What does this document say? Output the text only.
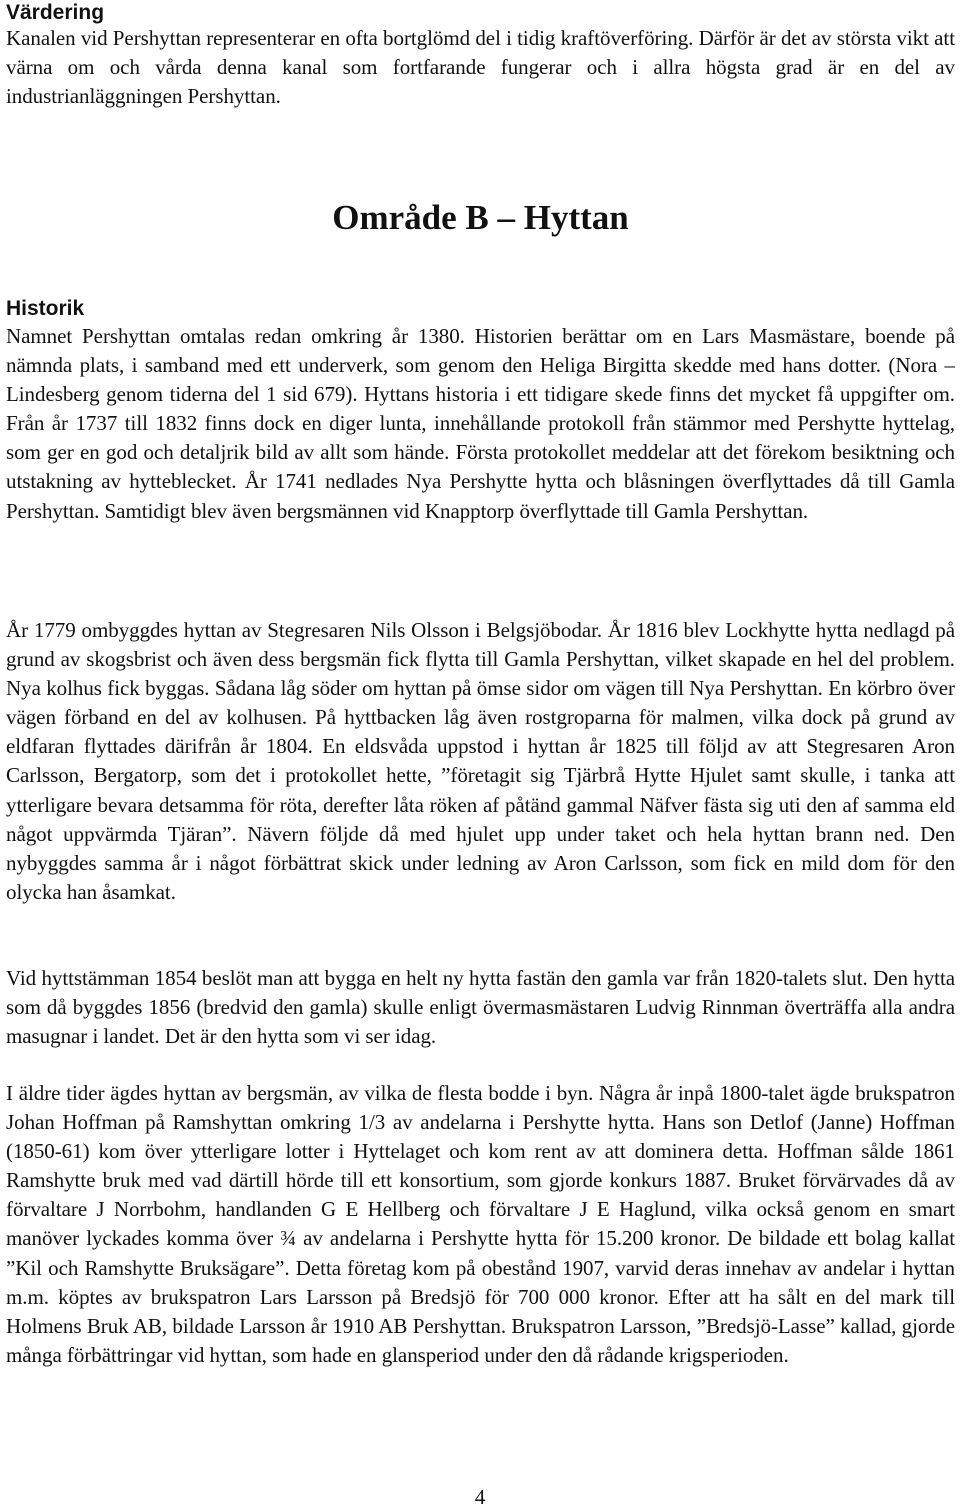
Värdering

Kanalen vid Pershyttan representerar en ofta bortglömd del i tidig kraftöverföring. Därför är det av största vikt att värna om och vårda denna kanal som fortfarande fungerar och i allra högsta grad är en del av industrianläggningen Pershyttan.

Område B – Hyttan
Historik

Namnet Pershyttan omtalas redan omkring år 1380. Historien berättar om en Lars Masmästare, boende på nämnda plats, i samband med ett underverk, som genom den Heliga Birgitta skedde med hans dotter. (Nora – Lindesberg genom tiderna del 1 sid 679). Hyttans historia i ett tidigare skede finns det mycket få uppgifter om. Från år 1737 till 1832 finns dock en diger lunta, innehållande protokoll från stämmor med Pershytte hyttelag, som ger en god och detaljrik bild av allt som hände. Första protokollet meddelar att det förekom besiktning och utstakning av hytteblecket. År 1741 nedlades Nya Pershytte hytta och blåsningen överflyttades då till Gamla Pershyttan. Samtidigt blev även bergsmännen vid Knapptorp överflyttade till Gamla Pershyttan.

År 1779 ombyggdes hyttan av Stegresaren Nils Olsson i Belgsjöbodar. År 1816 blev Lockhytte hytta nedlagd på grund av skogsbrist och även dess bergsmän fick flytta till Gamla Pershyttan, vilket skapade en hel del problem. Nya kolhus fick byggas. Sådana låg söder om hyttan på ömse sidor om vägen till Nya Pershyttan. En körbro över vägen förband en del av kolhusen. På hyttbacken låg även rostgroparna för malmen, vilka dock på grund av eldfaran flyttades därifrån år 1804. En eldsvåda uppstod i hyttan år 1825 till följd av att Stegresaren Aron Carlsson, Bergatorp, som det i protokollet hette, ”företagit sig Tjärbrå Hytte Hjulet samt skulle, i tanka att ytterligare bevara detsamma för röta, derefter låta röken af påtänd gammal Näfver fästa sig uti den af samma eld något uppvärmda Tjäran”. Nävern följde då med hjulet upp under taket och hela hyttan brann ned. Den nybyggdes samma år i något förbättrat skick under ledning av Aron Carlsson, som fick en mild dom för den olycka han åsamkat.

Vid hyttstämman 1854 beslöt man att bygga en helt ny hytta fastän den gamla var från 1820-talets slut. Den hytta som då byggdes 1856 (bredvid den gamla) skulle enligt övermasmästaren Ludvig Rinnman överträffa alla andra masugnar i landet. Det är den hytta som vi ser idag.

I äldre tider ägdes hyttan av bergsmän, av vilka de flesta bodde i byn. Några år inpå 1800-talet ägde brukspatron Johan Hoffman på Ramshyttan omkring 1/3 av andelarna i Pershytte hytta. Hans son Detlof (Janne) Hoffman (1850-61) kom över ytterligare lotter i Hyttelaget och kom rent av att dominera detta. Hoffman sålde 1861 Ramshytte bruk med vad därtill hörde till ett konsortium, som gjorde konkurs 1887. Bruket förvärvades då av förvaltare J Norrbohm, handlanden G E Hellberg och förvaltare J E Haglund, vilka också genom en smart manöver lyckades komma över ¾ av andelarna i Pershytte hytta för 15.200 kronor. De bildade ett bolag kallat ”Kil och Ramshytte Bruksägare”. Detta företag kom på obestånd 1907, varvid deras innehav av andelar i hyttan m.m. köptes av brukspatron Lars Larsson på Bredsjö för 700 000 kronor. Efter att ha sålt en del mark till Holmens Bruk AB, bildade Larsson år 1910 AB Pershyttan. Brukspatron Larsson, ”Bredsjö-Lasse” kallad, gjorde många förbättringar vid hyttan, som hade en glansperiod under den då rådande krigsperioden.

4
